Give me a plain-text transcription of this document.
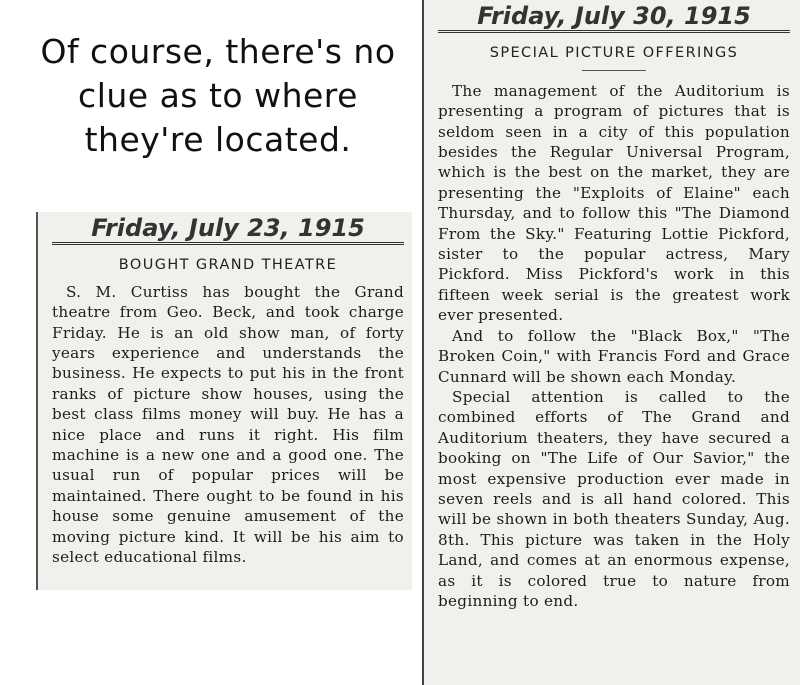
Of course, there's no clue as to where they're located.
Friday, July 23, 1915
BOUGHT GRAND THEATRE

S. M. Curtiss has bought the Grand theatre from Geo. Beck, and took charge Friday. He is an old show man, of forty years experience and understands the business. He expects to put his in the front ranks of picture show houses, using the best class films money will buy. He has a nice place and runs it right. His film machine is a new one and a good one. The usual run of popular prices will be maintained. There ought to be found in his house some genuine amusement of the moving picture kind. It will be his aim to select educational films.

Friday, July 30, 1915
SPECIAL PICTURE OFFERINGS

The management of the Auditorium is presenting a program of pictures that is seldom seen in a city of this population besides the Regular Universal Program, which is the best on the market, they are presenting the "Exploits of Elaine" each Thursday, and to follow this "The Diamond From the Sky." Featuring Lottie Pickford, sister to the popular actress, Mary Pickford. Miss Pickford's work in this fifteen week serial is the greatest work ever presented.

And to follow the "Black Box," "The Broken Coin," with Francis Ford and Grace Cunnard will be shown each Monday.

Special attention is called to the combined efforts of The Grand and Auditorium theaters, they have secured a booking on "The Life of Our Savior," the most expensive production ever made in seven reels and is all hand colored. This will be shown in both theaters Sunday, Aug. 8th. This picture was taken in the Holy Land, and comes at an enormous expense, as it is colored true to nature from beginning to end.
